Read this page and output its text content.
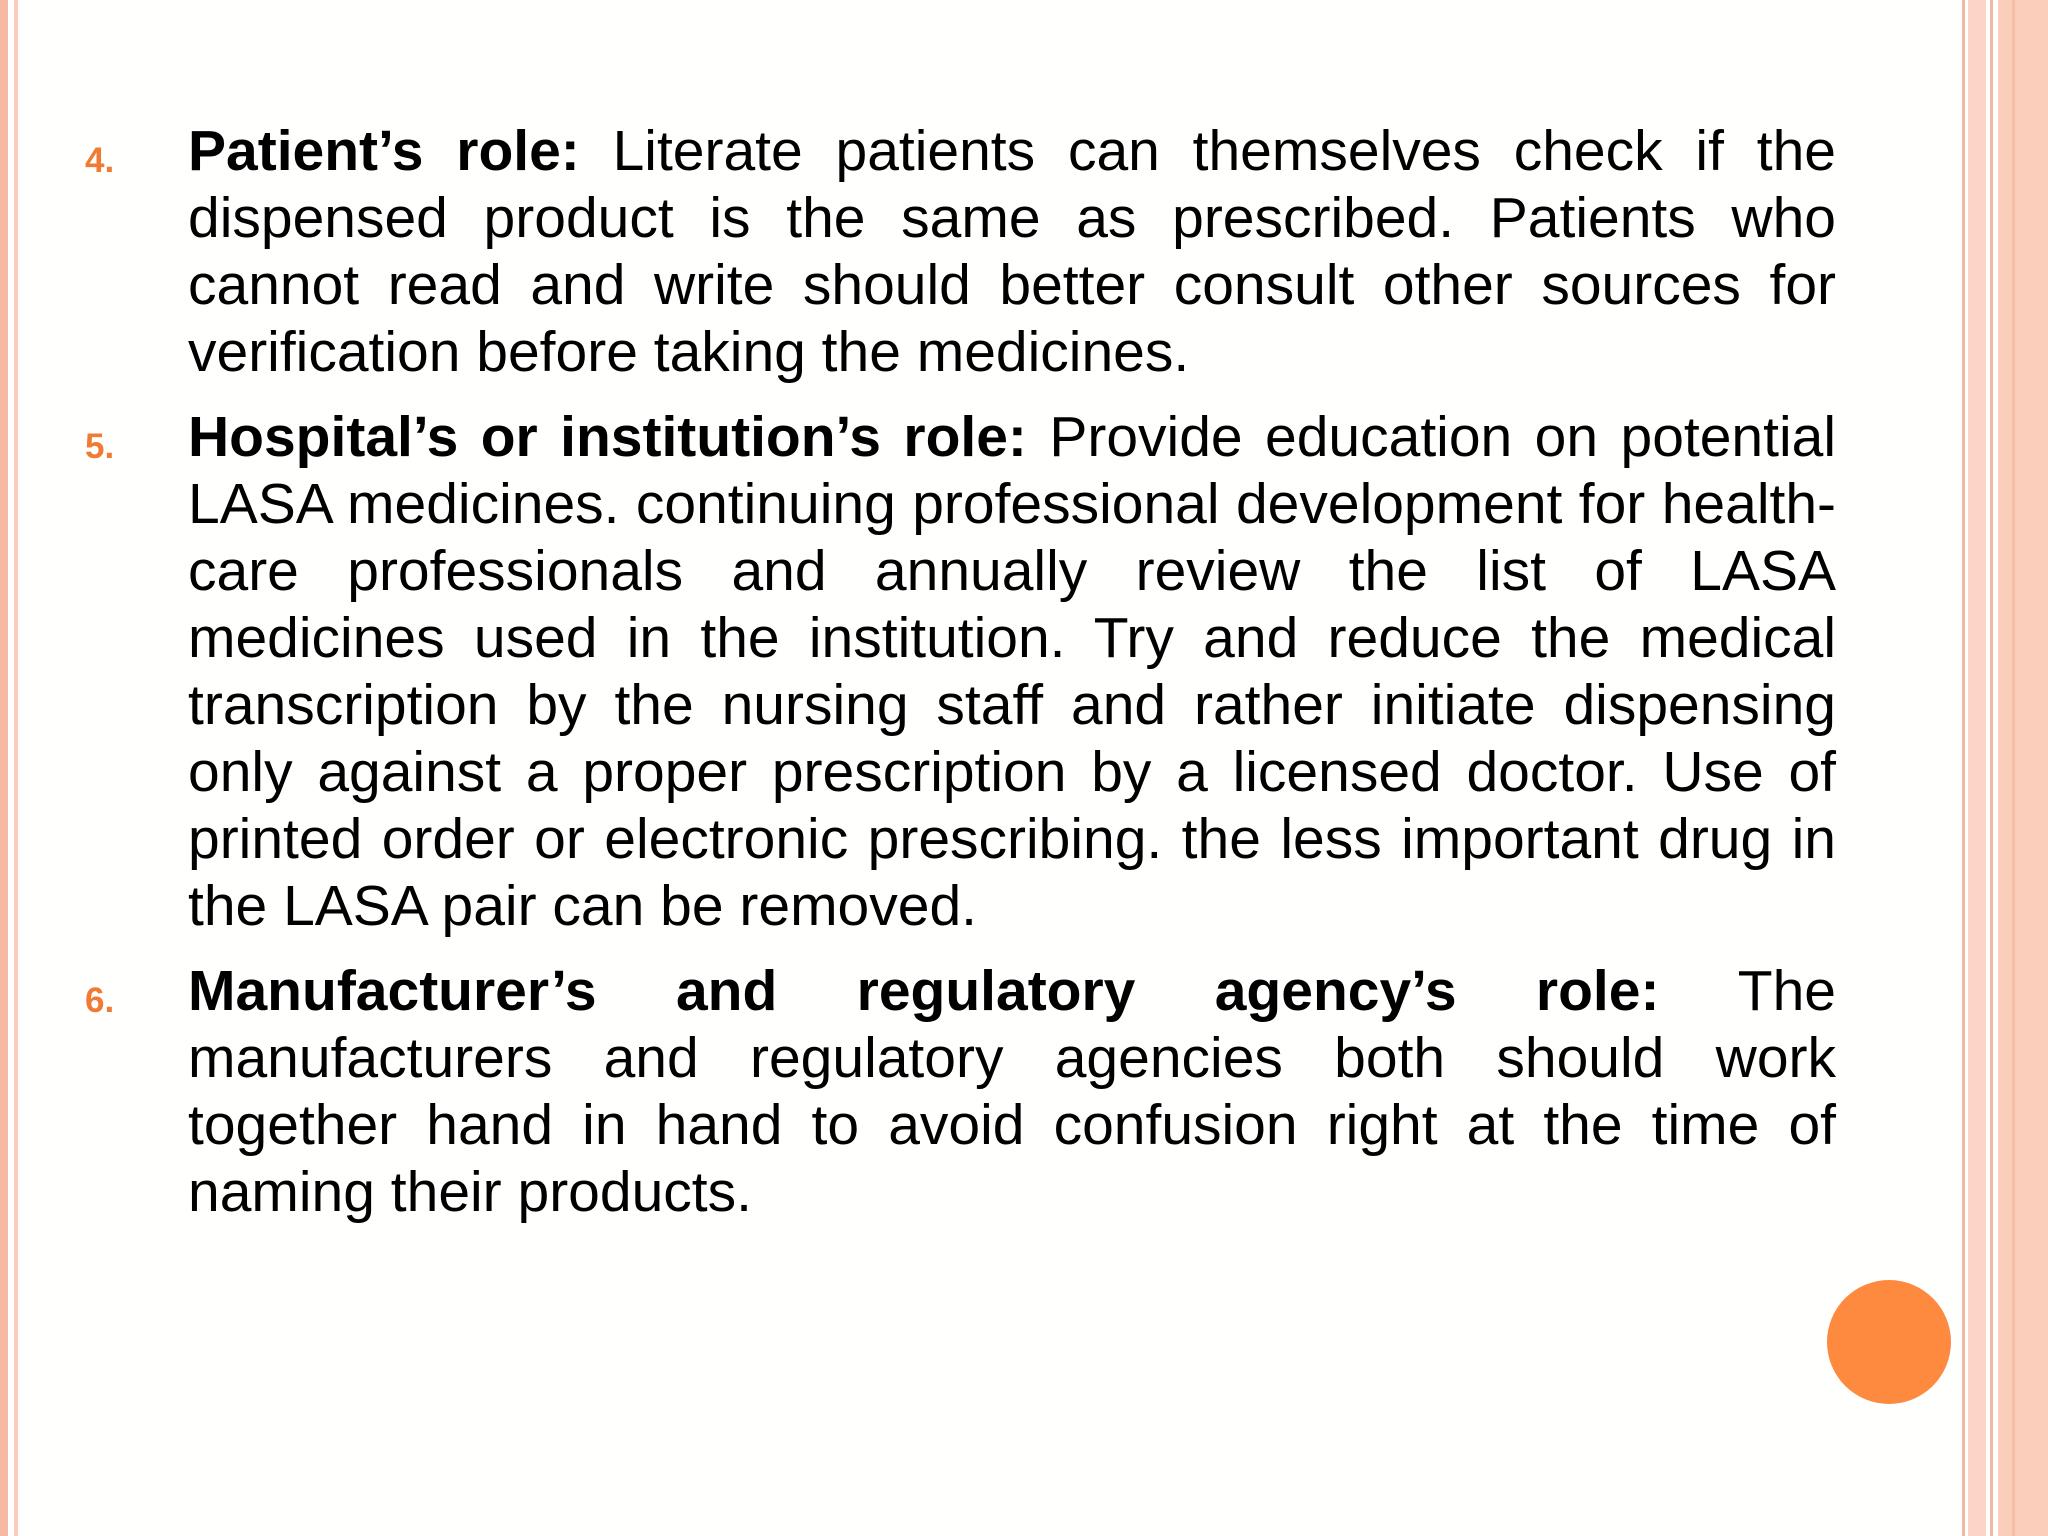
4. Patient’s role: Literate patients can themselves check if the dispensed product is the same as prescribed. Patients who cannot read and write should better consult other sources for verification before taking the medicines.
5. Hospital’s or institution’s role: Provide education on potential LASA medicines. continuing professional development for health-care professionals and annually review the list of LASA medicines used in the institution. Try and reduce the medical transcription by the nursing staff and rather initiate dispensing only against a proper prescription by a licensed doctor. Use of printed order or electronic prescribing. the less important drug in the LASA pair can be removed.
6. Manufacturer’s and regulatory agency’s role: The manufacturers and regulatory agencies both should work together hand in hand to avoid confusion right at the time of naming their products.
